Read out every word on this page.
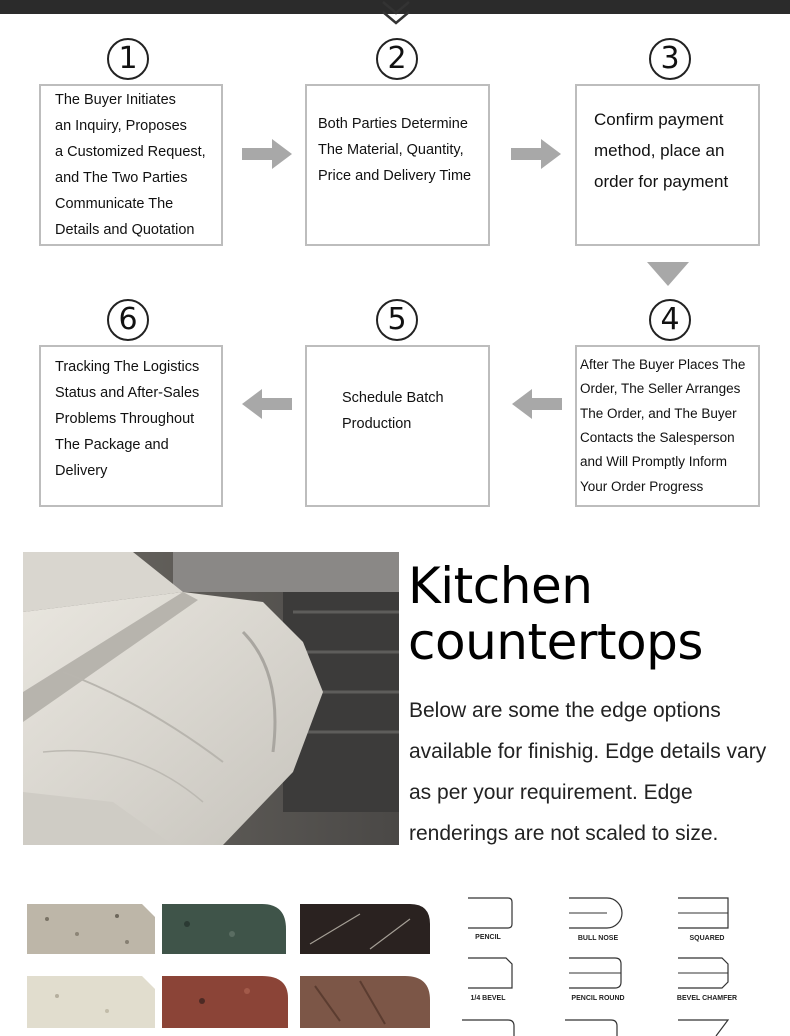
1	2	3
4
5
6
The Buyer Initiates
an Inquiry, Proposes
a Customized Request,
and The Two Parties
Communicate The
Details and Quotation
Both Parties Determine
The Material, Quantity,
Price and Delivery Time
Confirm payment
method, place an
order for payment
After The Buyer Places The
Order, The Seller Arranges
The Order, and The Buyer
Contacts the Salesperson
and Will Promptly Inform
Your Order Progress
Schedule Batch
Production
Tracking The Logistics
Status and After-Sales
Problems Throughout
The Package and
Delivery
Kitchen
countertops
Below are some the edge options available for finishig. Edge details vary as per your requirement. Edge renderings are not scaled to size.
PENCIL	BULL NOSE	SQUARED
1/4 BEVEL	PENCIL ROUND	BEVEL CHAMFER
